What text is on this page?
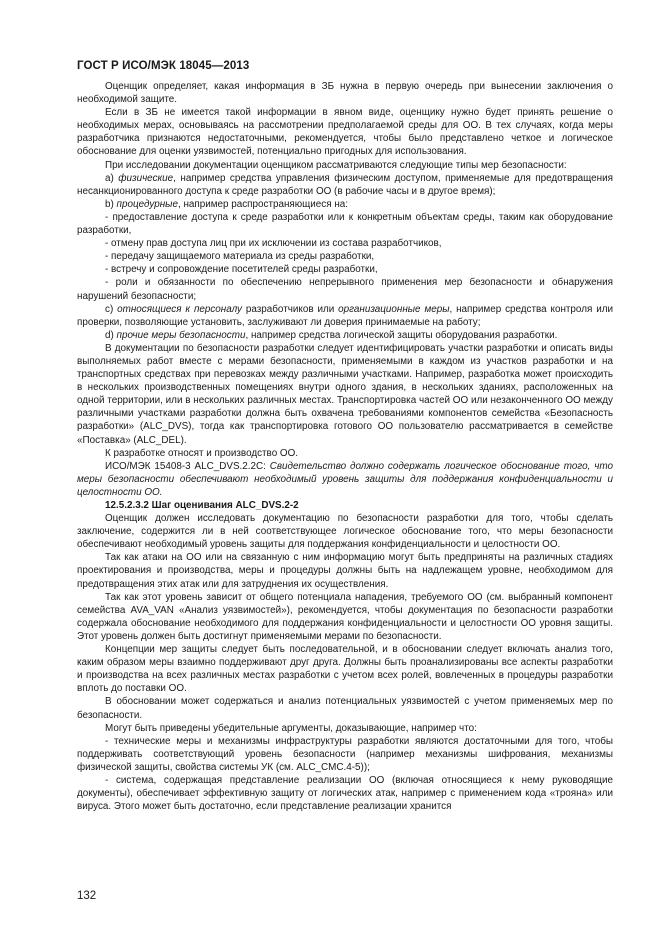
ГОСТ Р ИСО/МЭК 18045—2013

Оценщик определяет, какая информация в ЗБ нужна в первую очередь при вынесении заключения о необходимой защите.

Если в ЗБ не имеется такой информации в явном виде, оценщику нужно будет принять решение о необходимых мерах, основываясь на рассмотрении предполагаемой среды для ОО. В тех случаях, когда меры разработчика признаются недостаточными, рекомендуется, чтобы было представлено четкое и логическое обоснование для оценки уязвимостей, потенциально пригодных для использования.

При исследовании документации оценщиком рассматриваются следующие типы мер безопасности:

a) физические, например средства управления физическим доступом, применяемые для предотвращения несанкционированного доступа к среде разработки ОО (в рабочие часы и в другое время);

b) процедурные, например распространяющиеся на:

- предоставление доступа к среде разработки или к конкретным объектам среды, таким как оборудование разработки,

- отмену прав доступа лиц при их исключении из состава разработчиков,

- передачу защищаемого материала из среды разработки,

- встречу и сопровождение посетителей среды разработки,

- роли и обязанности по обеспечению непрерывного применения мер безопасности и обнаружения нарушений безопасности;

c) относящиеся к персоналу разработчиков или организационные меры, например средства контроля или проверки, позволяющие установить, заслуживают ли доверия принимаемые на работу;

d) прочие меры безопасности, например средства логической защиты оборудования разработки.

В документации по безопасности разработки следует идентифицировать участки разработки и описать виды выполняемых работ вместе с мерами безопасности, применяемыми в каждом из участков разработки и на транспортных средствах при перевозках между различными участками. Например, разработка может происходить в нескольких производственных помещениях внутри одного здания, в нескольких зданиях, расположенных на одной территории, или в нескольких различных местах. Транспортировка частей ОО или незаконченного ОО между различными участками разработки должна быть охвачена требованиями компонентов семейства «Безопасность разработки» (ALC_DVS), тогда как транспортировка готового ОО пользователю рассматривается в семействе «Поставка» (ALC_DEL).

К разработке относят и производство ОО.

ИСО/МЭК 15408-3 ALC_DVS.2.2C: Свидетельство должно содержать логическое обоснование того, что меры безопасности обеспечивают необходимый уровень защиты для поддержания конфиденциальности и целостности ОО.

12.5.2.3.2 Шаг оценивания ALC_DVS.2-2

Оценщик должен исследовать документацию по безопасности разработки для того, чтобы сделать заключение, содержится ли в ней соответствующее логическое обоснование того, что меры безопасности обеспечивают необходимый уровень защиты для поддержания конфиденциальности и целостности ОО.

Так как атаки на ОО или на связанную с ним информацию могут быть предприняты на различных стадиях проектирования и производства, меры и процедуры должны быть на надлежащем уровне, необходимом для предотвращения этих атак или для затруднения их осуществления.

Так как этот уровень зависит от общего потенциала нападения, требуемого ОО (см. выбранный компонент семейства AVA_VAN «Анализ уязвимостей»), рекомендуется, чтобы документация по безопасности разработки содержала обоснование необходимого для поддержания конфиденциальности и целостности ОО уровня защиты. Этот уровень должен быть достигнут применяемыми мерами по безопасности.

Концепции мер защиты следует быть последовательной, и в обосновании следует включать анализ того, каким образом меры взаимно поддерживают друг друга. Должны быть проанализированы все аспекты разработки и производства на всех различных местах разработки с учетом всех ролей, вовлеченных в процедуры разработки вплоть до поставки ОО.

В обосновании может содержаться и анализ потенциальных уязвимостей с учетом применяемых мер по безопасности.

Могут быть приведены убедительные аргументы, доказывающие, например что:

- технические меры и механизмы инфраструктуры разработки являются достаточными для того, чтобы поддерживать соответствующий уровень безопасности (например механизмы шифрования, механизмы физической защиты, свойства системы УК (см. ALC_CMC.4-5));

- система, содержащая представление реализации ОО (включая относящиеся к нему руководящие документы), обеспечивает эффективную защиту от логических атак, например с применением кода «трояна» или вируса. Этого может быть достаточно, если представление реализации хранится

132
